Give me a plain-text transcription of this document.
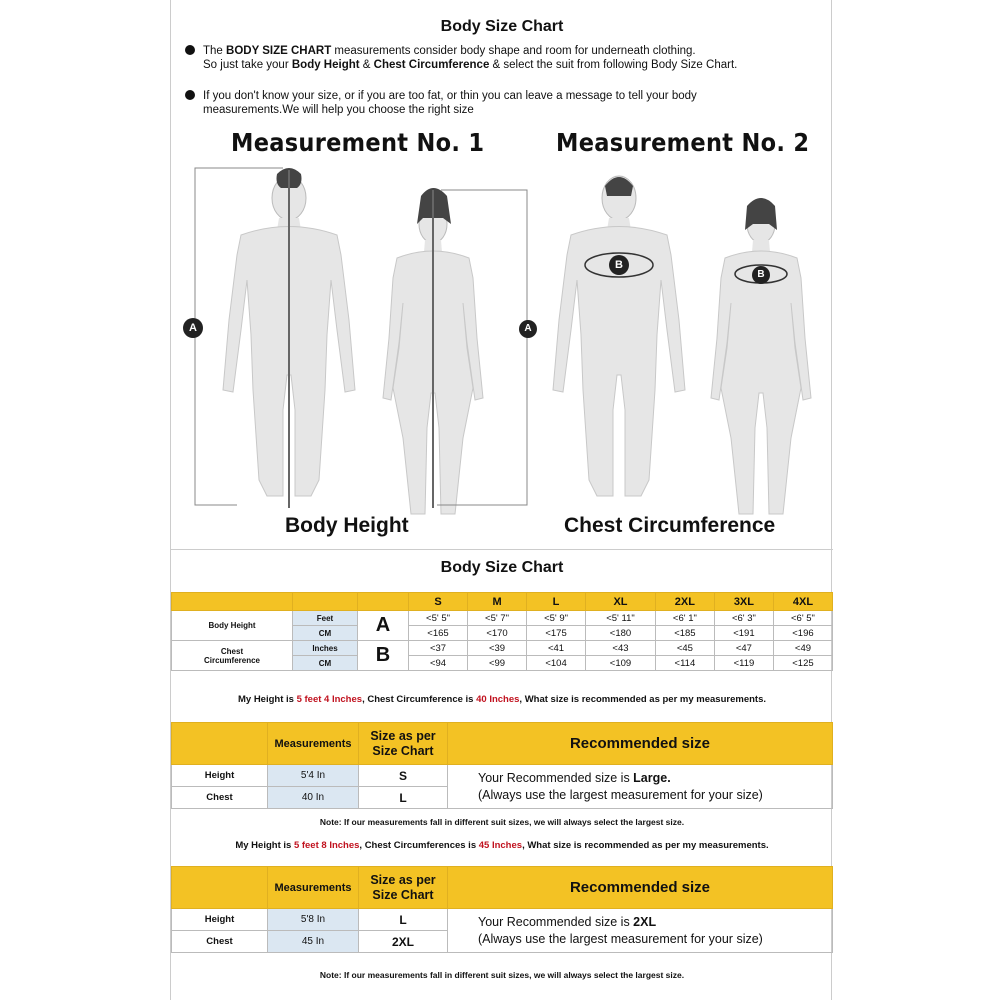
Body Size Chart
The BODY SIZE CHART measurements consider body shape and room for underneath clothing.
So just take your Body Height & Chest Circumference & select the suit from following Body Size Chart.
If you don't know your size, or if you are too fat, or thin you can leave a message to tell your body
measurements.We will help you choose the right size
Measurement No. 1	Measurement No. 2
A	A
B
B
Body Height	Chest Circumference
Body Size Chart
			S	M	L	XL	2XL	3XL	4XL
Body Height	Feet	A	<5' 5"	<5' 7"	<5' 9"	<5' 11"	<6' 1"	<6' 3"	<6' 5"
	CM		<165	<170	<175	<180	<185	<191	<196
Chest
Circumference	Inches	B	<37	<39	<41	<43	<45	<47	<49
	CM		<94	<99	<104	<109	<114	<119	<125
My Height is 5 feet 4 Inches, Chest Circumference is 40 Inches, What size is recommended as per my measurements.
	Measurements	Size as per
Size Chart	Recommended size
Height	5'4 In	S	Your Recommended size is Large.
(Always use the largest measurement for your size)
Chest	40 In	L	
Note: If our measurements fall in different suit sizes, we will always select the largest size.
My Height is 5 feet 8 Inches, Chest Circumferences is 45 Inches, What size is recommended as per my measurements.
	Measurements	Size as per
Size Chart	Recommended size
Height	5'8 In	L	Your Recommended size is 2XL
(Always use the largest measurement for your size)
Chest	45 In	2XL	
Note: If our measurements fall in different suit sizes, we will always select the largest size.
